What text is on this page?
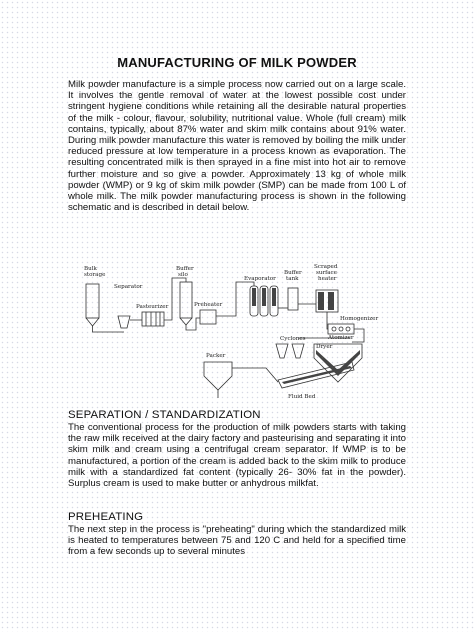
MANUFACTURING OF MILK POWDER

Milk powder manufacture is a simple process now carried out on a large scale. It involves the gentle removal of water at the lowest possible cost under stringent hygiene conditions while retaining all the desirable natural properties of the milk - colour, flavour, solubility, nutritional value. Whole (full cream) milk contains, typically, about 87% water and skim milk contains about 91% water. During milk powder manufacture this water is removed by boiling the milk under reduced pressure at low temperature in a process known as evaporation. The resulting concentrated milk is then sprayed in a fine mist into hot air to remove further moisture and so give a powder. Approximately 13 kg of whole milk powder (WMP) or 9 kg of skim milk powder (SMP) can be made from 100 L of whole milk. The milk powder manufacturing process is shown in the following schematic and is described in detail below.

Bulk storage
Separator
Pasteurizer
Buffer silo
Preheater
Evaporator
Buffer tank
Scraped surface heater
Homogenizer
Atomizer
Cyclones
Dryer
Packer
Fluid Bed
SEPARATION / STANDARDIZATION

The conventional process for the production of milk powders starts with taking the raw milk received at the dairy factory and pasteurising and separating it into skim milk and cream using a centrifugal cream separator. If WMP is to be manufactured, a portion of the cream is added back to the skim milk to produce milk with a standardized fat content (typically 26- 30% fat in the powder). Surplus cream is used to make butter or anhydrous milkfat.

PREHEATING

The next step in the process is "preheating" during which the standardized milk is heated to temperatures between 75 and 120 C and held for a specified time from a few seconds up to several minutes
